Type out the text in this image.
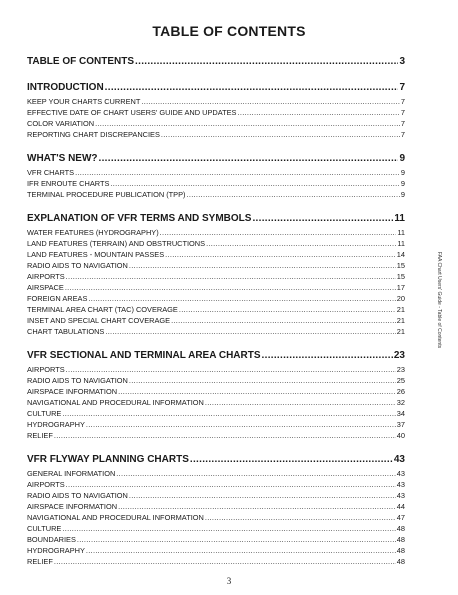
TABLE OF CONTENTS
TABLE OF CONTENTS .....	3
INTRODUCTION .....	7
KEEP YOUR CHARTS CURRENT .....	7
EFFECTIVE DATE OF CHART USERS' GUIDE AND UPDATES .....	7
COLOR VARIATION .....	7
REPORTING CHART DISCREPANCIES .....	7
WHAT'S NEW? .....	9
VFR CHARTS .....	9
IFR ENROUTE CHARTS .....	9
TERMINAL PROCEDURE PUBLICATION (TPP) .....	9
EXPLANATION OF VFR TERMS AND SYMBOLS .....	11
WATER FEATURES (HYDROGRAPHY) .....	11
LAND FEATURES (TERRAIN) AND OBSTRUCTIONS .....	11
LAND FEATURES - MOUNTAIN PASSES .....	14
RADIO AIDS TO NAVIGATION .....	15
AIRPORTS .....	15
AIRSPACE .....	17
FOREIGN AREAS .....	20
TERMINAL AREA CHART (TAC) COVERAGE .....	21
INSET AND SPECIAL CHART COVERAGE .....	21
CHART TABULATIONS .....	21
VFR SECTIONAL AND TERMINAL AREA CHARTS .....	23
AIRPORTS .....	23
RADIO AIDS TO NAVIGATION .....	25
AIRSPACE INFORMATION .....	26
NAVIGATIONAL AND PROCEDURAL INFORMATION .....	32
CULTURE .....	34
HYDROGRAPHY .....	37
RELIEF .....	40
VFR FLYWAY PLANNING CHARTS .....	43
GENERAL INFORMATION .....	43
AIRPORTS .....	43
RADIO AIDS TO NAVIGATION .....	43
AIRSPACE INFORMATION .....	44
NAVIGATIONAL AND PROCEDURAL INFORMATION .....	47
CULTURE .....	48
BOUNDARIES .....	48
HYDROGRAPHY .....	48
RELIEF .....	48
FAA Chart Users' Guide - Table of Contents
3
